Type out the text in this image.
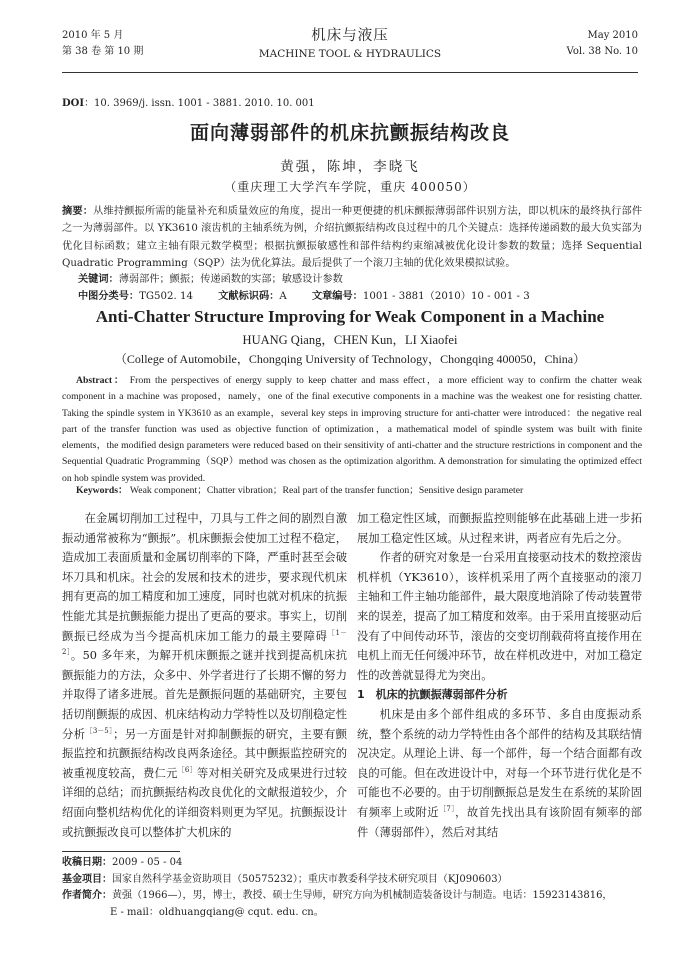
2010 年 5 月
第 38 卷 第 10 期
机床与液压
MACHINE TOOL & HYDRAULICS
May 2010
Vol. 38 No. 10
DOI：10. 3969/j. issn. 1001 - 3881. 2010. 10. 001
面向薄弱部件的机床抗颤振结构改良
黄强，陈坤，李晓飞
（重庆理工大学汽车学院，重庆 400050）
摘要：从维持颤振所需的能量补充和质量效应的角度，提出一种更便捷的机床颤振薄弱部件识别方法，即以机床的最终执行部件之一为薄弱部件。以 YK3610 滚齿机的主轴系统为例，介绍抗颤振结构改良过程中的几个关键点：选择传递函数的最大负实部为优化目标函数；建立主轴有限元数学模型；根据抗颤振敏感性和部件结构约束缩减被优化设计参数的数量；选择 Sequential Quadratic Programming（SQP）法为优化算法。最后提供了一个滚刀主轴的优化效果模拟试验。
关键词：薄弱部件；颤振；传递函数的实部；敏感设计参数
中图分类号：TG502. 14 文献标识码：A 文章编号：1001 - 3881（2010）10 - 001 - 3
Anti-Chatter Structure Improving for Weak Component in a Machine
HUANG Qiang，CHEN Kun，LI Xiaofei
（College of Automobile，Chongqing University of Technology，Chongqing 400050，China）
Abstract： From the perspectives of energy supply to keep chatter and mass effect，a more efficient way to confirm the chatter weak component in a machine was proposed，namely，one of the final executive components in a machine was the weakest one for resisting chatter. Taking the spindle system in YK3610 as an example，several key steps in improving structure for anti-chatter were introduced：the negative real part of the transfer function was used as objective function of optimization，a mathematical model of spindle system was built with finite elements，the modified design parameters were reduced based on their sensitivity of anti-chatter and the structure restrictions in component and the Sequential Quadratic Programming（SQP）method was chosen as the optimization algorithm. A demonstration for simulating the optimized effect on hob spindle system was provided.
Keywords： Weak component；Chatter vibration；Real part of the transfer function；Sensitive design parameter

在金属切削加工过程中，刀具与工件之间的剧烈自激振动通常被称为“颤振”。机床颤振会使加工过程不稳定，造成加工表面质量和金属切削率的下降，严重时甚至会破坏刀具和机床。社会的发展和技术的进步，要求现代机床拥有更高的加工精度和加工速度，同时也就对机床的抗振性能尤其是抗颤振能力提出了更高的要求。事实上，切削颤振已经成为当今提高机床加工能力的最主要障碍$^{[1-2]}$。50 多年来，为解开机床颤振之谜并找到提高机床抗颤振能力的方法，众多中、外学者进行了长期不懈的努力并取得了诸多进展。首先是颤振问题的基础研究，主要包括切削颤振的成因、机床结构动力学特性以及切削稳定性分析$^{[3-5]}$；另一方面是针对抑制颤振的研究，主要有颤振监控和抗颤振结构改良两条途径。其中颤振监控研究的被重视度较高，费仁元$^{[6]}$等对相关研究及成果进行过较详细的总结；而抗颤振结构改良优化的文献报道较少，介绍面向整机结构优化的详细资料则更为罕见。抗颤振设计或抗颤振改良可以整体扩大机床的

加工稳定性区域，而颤振监控则能够在此基础上进一步拓展加工稳定性区域。从过程来讲，两者应有先后之分。

作者的研究对象是一台采用直接驱动技术的数控滚齿机样机（YK3610），该样机采用了两个直接驱动的滚刀主轴和工件主轴功能部件，最大限度地消除了传动装置带来的误差，提高了加工精度和效率。由于采用直接驱动后没有了中间传动环节，滚齿的交变切削载荷将直接作用在电机上而无任何缓冲环节，故在样机改进中，对加工稳定性的改善就显得尤为突出。

1　机床的抗颤振薄弱部件分析

机床是由多个部件组成的多环节、多自由度振动系统，整个系统的动力学特性由各个部件的结构及其联结情况决定。从理论上讲、每一个部件，每一个结合面都有改良的可能。但在改进设计中，对每一个环节进行优化是不可能也不必要的。由于切削颤振总是发生在系统的某阶固有频率上或附近$^{[7]}$，故首先找出具有该阶固有频率的部件（薄弱部件），然后对其结

收稿日期：2009 - 05 - 04
基金项目：国家自然科学基金资助项目（50575232）；重庆市教委科学技术研究项目（KJ090603）
作者简介：黄强（1966—），男，博士，教授、硕士生导师，研究方向为机械制造装备设计与制造。电话：15923143816，
E - mail：oldhuangqiang@ cqut. edu. cn。
